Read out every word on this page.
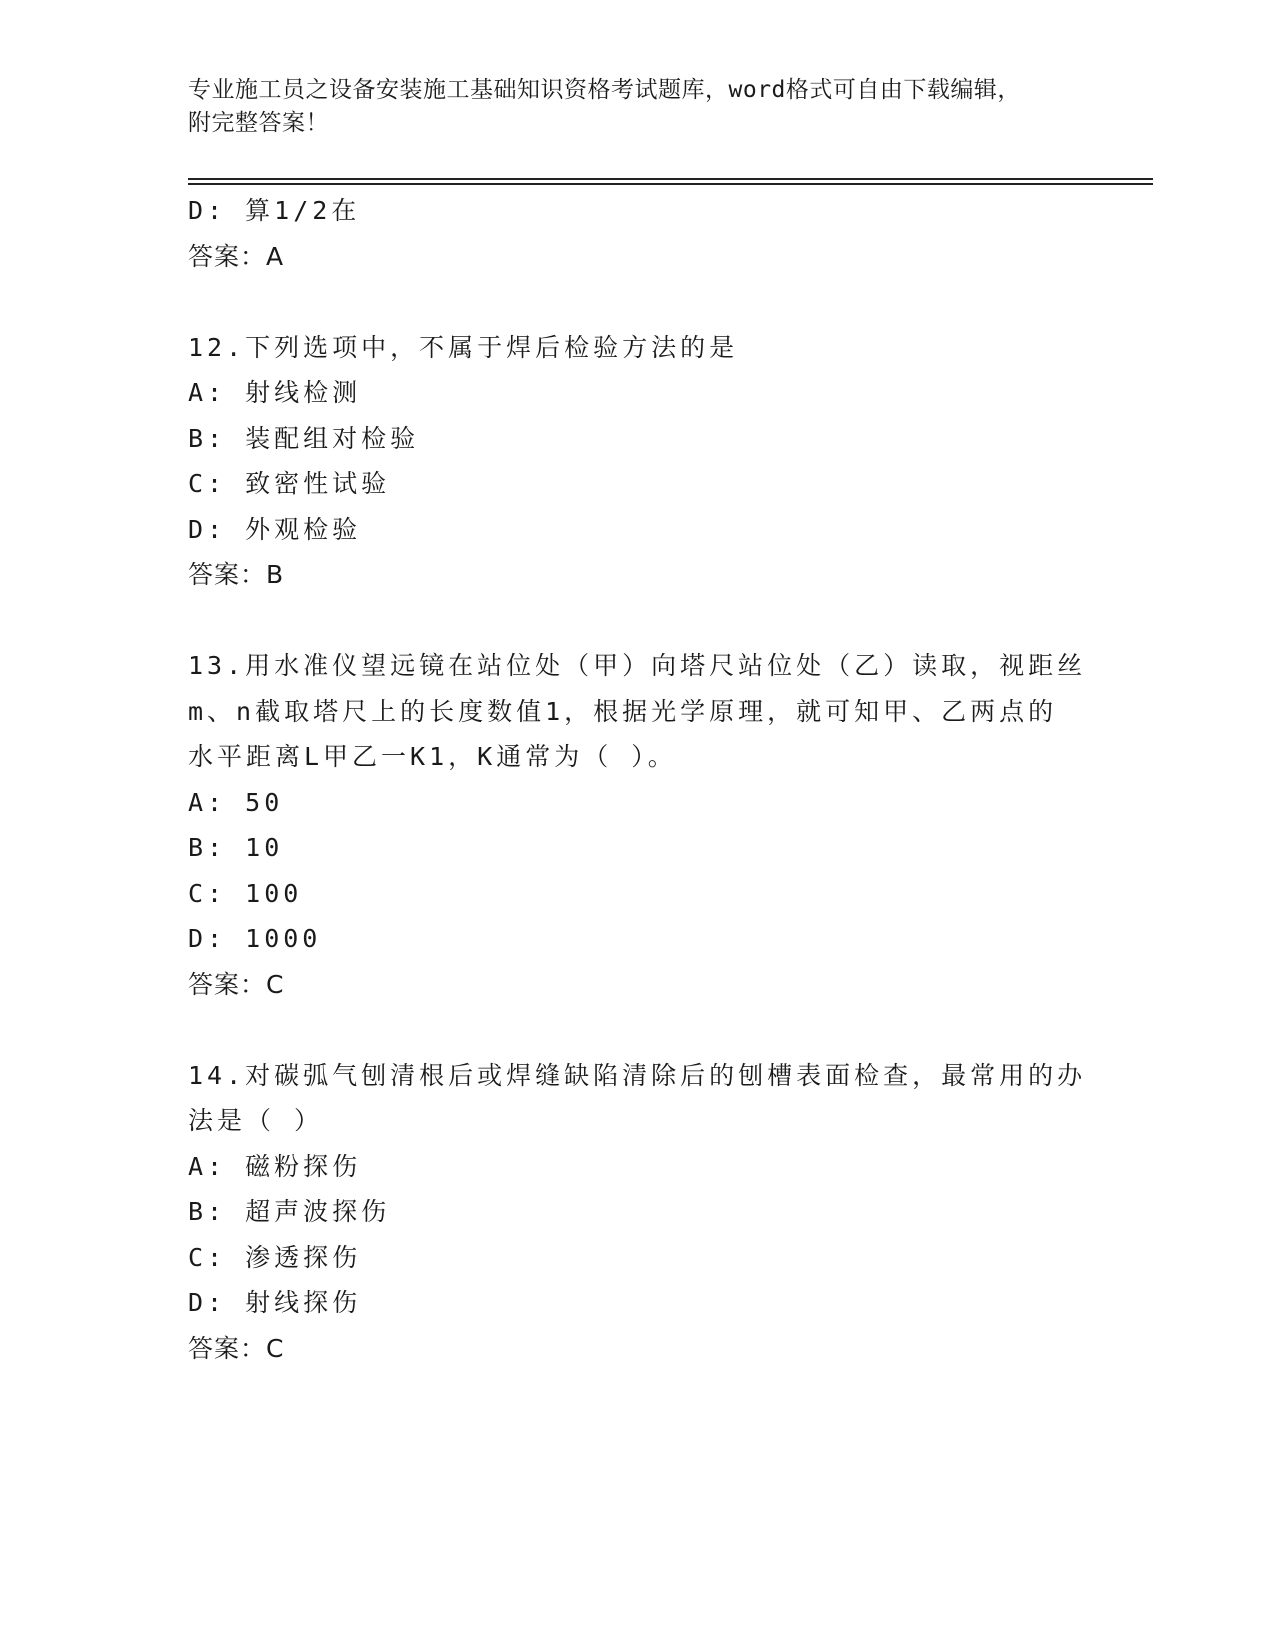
专业施工员之设备安装施工基础知识资格考试题库，word格式可自由下载编辑，
附完整答案！
D: 算1/2在
答案：A
12.下列选项中，不属于焊后检验方法的是
A: 射线检测
B: 装配组对检验
C: 致密性试验
D: 外观检验
答案：B
13.用水准仪望远镜在站位处（甲）向塔尺站位处（乙）读取，视距丝
m、n截取塔尺上的长度数值1，根据光学原理，就可知甲、乙两点的
水平距离L甲乙一K1，K通常为（ ）。
A: 50
B: 10
C: 100
D: 1000
答案：C
14.对碳弧气刨清根后或焊缝缺陷清除后的刨槽表面检查，最常用的办
法是（ ）
A: 磁粉探伤
B: 超声波探伤
C: 渗透探伤
D: 射线探伤
答案：C
